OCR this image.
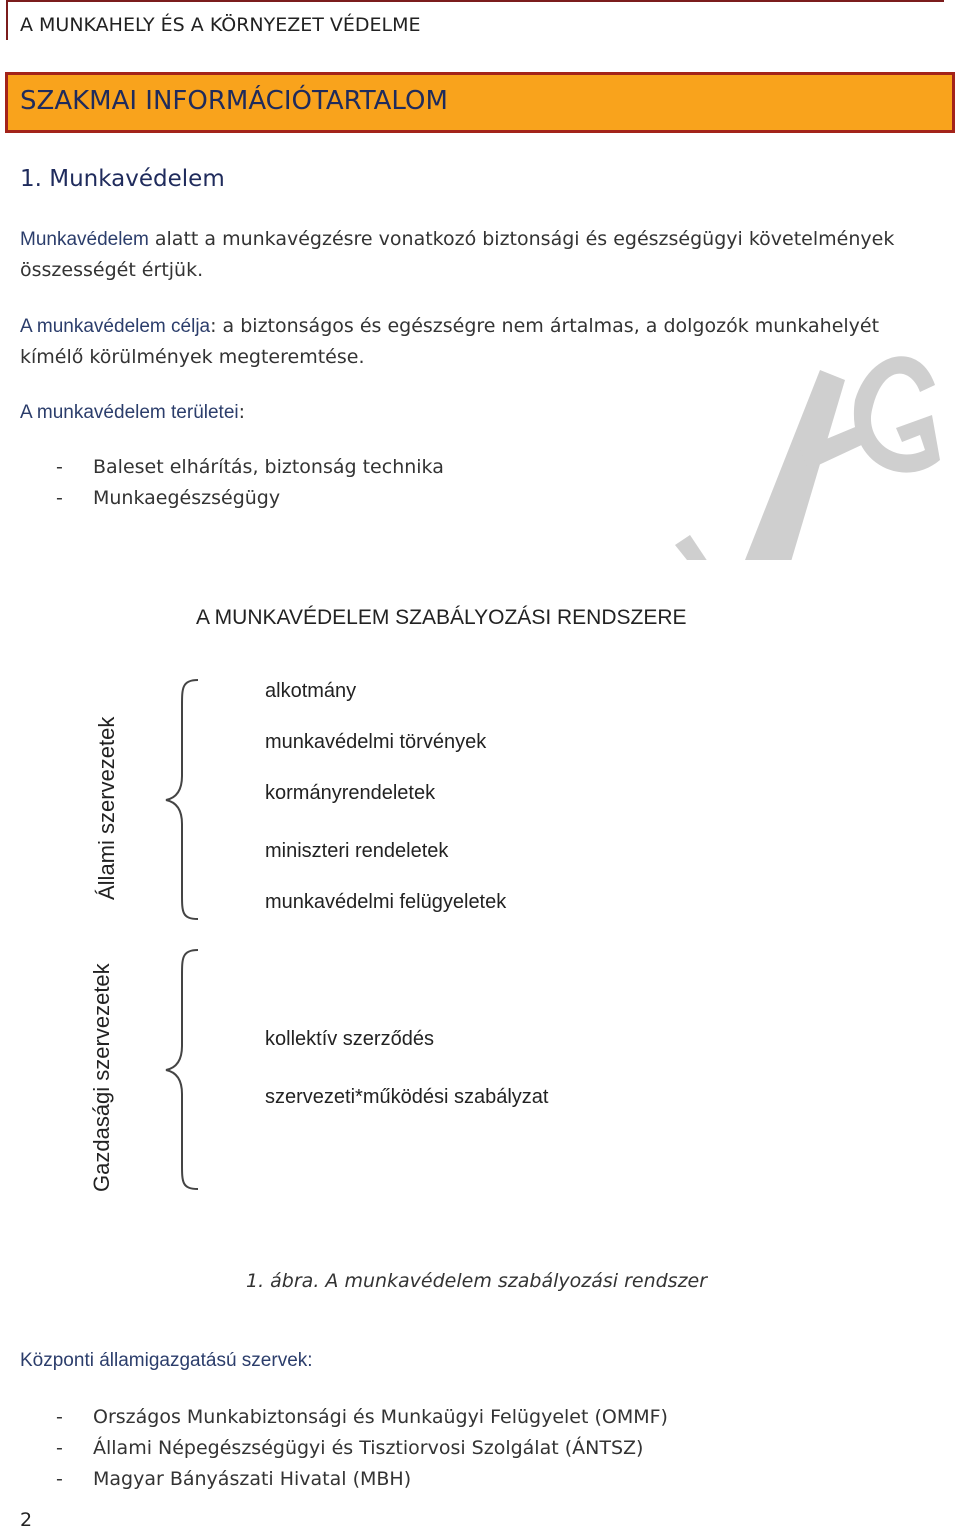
A MUNKAHELY ÉS A KÖRNYEZET VÉDELME
SZAKMAI INFORMÁCIÓTARTALOM
1. Munkavédelem
Munkavédelem alatt a munkavégzésre vonatkozó biztonsági és egészségügyi követelmények
összességét értjük.
A munkavédelem célja: a biztonságos és egészségre nem ártalmas, a dolgozók munkahelyét
kímélő körülmények megteremtése.
A munkavédelem területei:
- Baleset elhárítás, biztonság technika
- Munkaegészségügy
A MUNKAVÉDELEM SZABÁLYOZÁSI RENDSZERE
Állami szervezetek
Gazdasági szervezetek
alkotmány
munkavédelmi törvények
kormányrendeletek
miniszteri rendeletek
munkavédelmi felügyeletek
kollektív szerződés
szervezeti*működési szabályzat
1. ábra. A munkavédelem szabályozási rendszer
Központi államigazgatású szervek:
- Országos Munkabiztonsági és Munkaügyi Felügyelet (OMMF)
- Állami Népegészségügyi és Tisztiorvosi Szolgálat (ÁNTSZ)
- Magyar Bányászati Hivatal (MBH)
2
